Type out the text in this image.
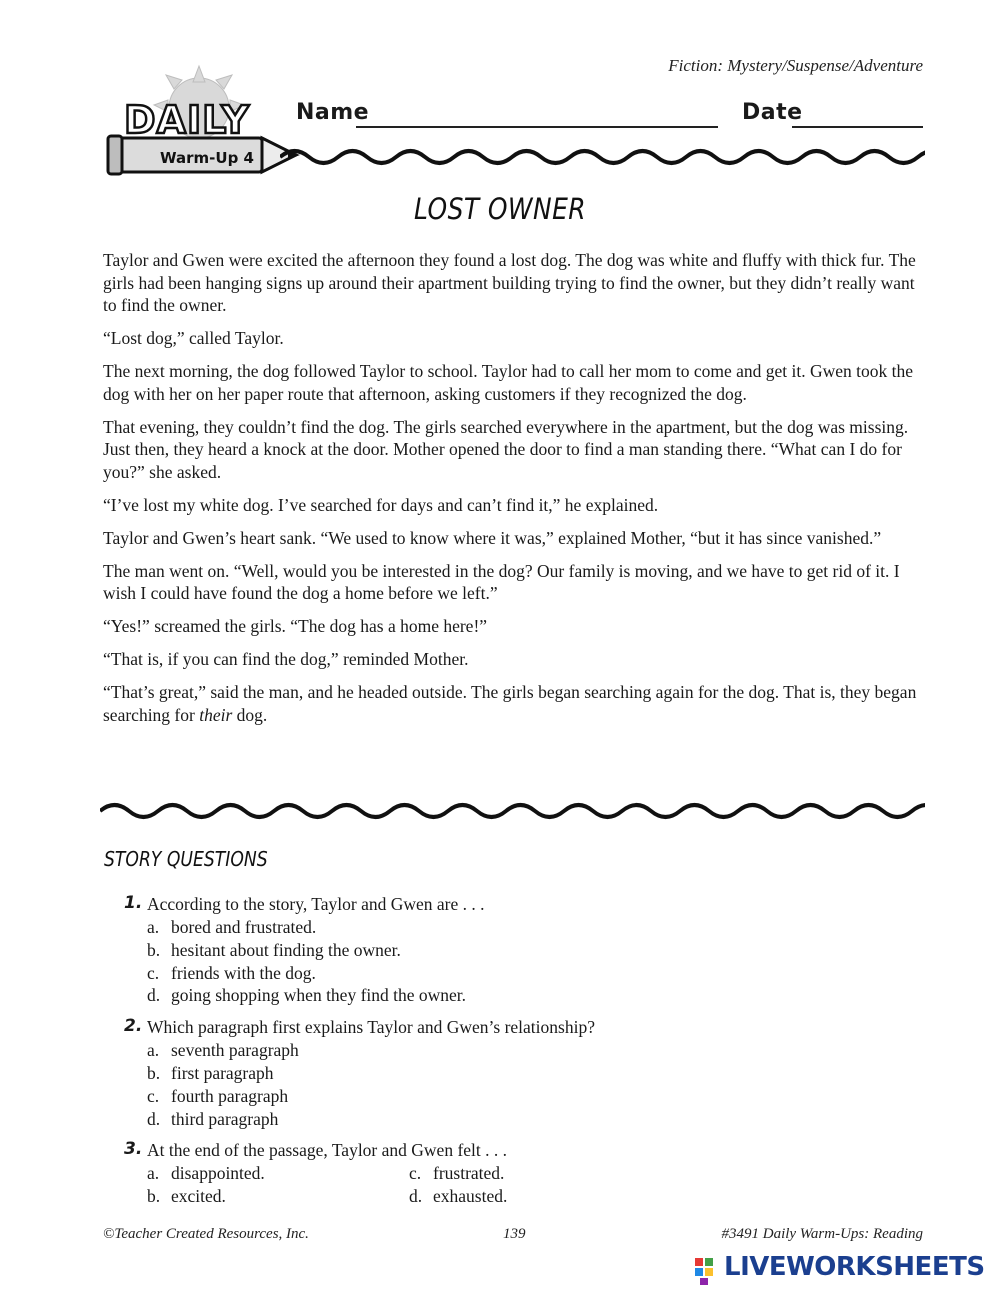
Fiction: Mystery/Suspense/Adventure
DAILY
Warm-Up 4
Name	Date
LOST OWNER

Taylor and Gwen were excited the afternoon they found a lost dog. The dog was white and fluffy with thick fur. The girls had been hanging signs up around their apartment building trying to find the owner, but they didn’t really want to find the owner.

“Lost dog,” called Taylor.

The next morning, the dog followed Taylor to school. Taylor had to call her mom to come and get it. Gwen took the dog with her on her paper route that afternoon, asking customers if they recognized the dog.

That evening, they couldn’t find the dog. The girls searched everywhere in the apartment, but the dog was missing. Just then, they heard a knock at the door. Mother opened the door to find a man standing there. “What can I do for you?” she asked.

“I’ve lost my white dog. I’ve searched for days and can’t find it,” he explained.

Taylor and Gwen’s heart sank. “We used to know where it was,” explained Mother, “but it has since vanished.”

The man went on. “Well, would you be interested in the dog? Our family is moving, and we have to get rid of it. I wish I could have found the dog a home before we left.”

“Yes!” screamed the girls. “The dog has a home here!”

“That is, if you can find the dog,” reminded Mother.

“That’s great,” said the man, and he headed outside. The girls began searching again for the dog. That is, they began searching for their dog.

STORY QUESTIONS
1. According to the story, Taylor and Gwen are . . .
a. bored and frustrated.
b. hesitant about finding the owner.
c. friends with the dog.
d. going shopping when they find the owner.
2. Which paragraph first explains Taylor and Gwen’s relationship?
a. seventh paragraph
b. first paragraph
c. fourth paragraph
d. third paragraph
3. At the end of the passage, Taylor and Gwen felt . . .
a. disappointed.	c. frustrated.
b. excited.	d. exhausted.
©Teacher Created Resources, Inc.	139	#3491 Daily Warm-Ups: Reading
LIVEWORKSHEETS
